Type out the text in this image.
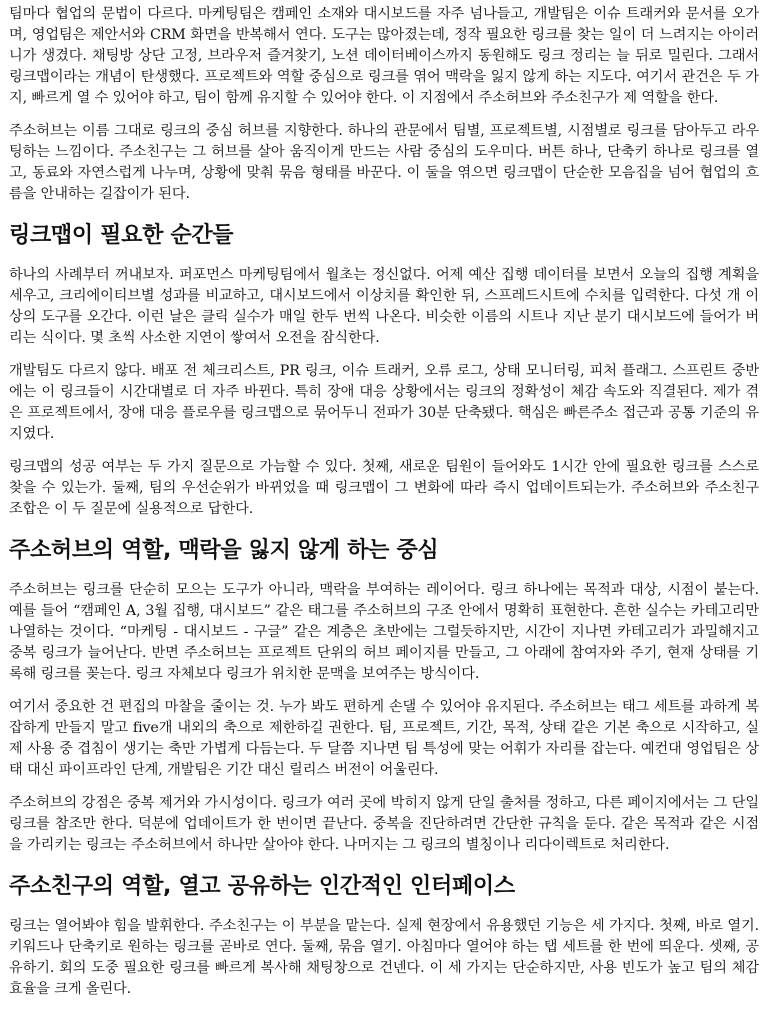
팀마다 협업의 문법이 다르다. 마케팅팀은 캠페인 소재와 대시보드를 자주 넘나들고, 개발팀은 이슈 트래커와 문서를 오가며, 영업팀은 제안서와 CRM 화면을 반복해서 연다. 도구는 많아졌는데, 정작 필요한 링크를 찾는 일이 더 느려지는 아이러니가 생겼다. 채팅방 상단 고정, 브라우저 즐겨찾기, 노션 데이터베이스까지 동원해도 링크 정리는 늘 뒤로 밀린다. 그래서 링크맵이라는 개념이 탄생했다. 프로젝트와 역할 중심으로 링크를 엮어 맥락을 잃지 않게 하는 지도다. 여기서 관건은 두 가지, 빠르게 열 수 있어야 하고, 팀이 함께 유지할 수 있어야 한다. 이 지점에서 주소허브와 주소친구가 제 역할을 한다.

주소허브는 이름 그대로 링크의 중심 허브를 지향한다. 하나의 관문에서 팀별, 프로젝트별, 시점별로 링크를 담아두고 라우팅하는 느낌이다. 주소친구는 그 허브를 살아 움직이게 만드는 사람 중심의 도우미다. 버튼 하나, 단축키 하나로 링크를 열고, 동료와 자연스럽게 나누며, 상황에 맞춰 묶음 형태를 바꾼다. 이 둘을 엮으면 링크맵이 단순한 모음집을 넘어 협업의 흐름을 안내하는 길잡이가 된다.

링크맵이 필요한 순간들

하나의 사례부터 꺼내보자. 퍼포먼스 마케팅팀에서 월초는 정신없다. 어제 예산 집행 데이터를 보면서 오늘의 집행 계획을 세우고, 크리에이티브별 성과를 비교하고, 대시보드에서 이상치를 확인한 뒤, 스프레드시트에 수치를 입력한다. 다섯 개 이상의 도구를 오간다. 이런 날은 클릭 실수가 매일 한두 번씩 나온다. 비슷한 이름의 시트나 지난 분기 대시보드에 들어가 버리는 식이다. 몇 초씩 사소한 지연이 쌓여서 오전을 잠식한다.

개발팀도 다르지 않다. 배포 전 체크리스트, PR 링크, 이슈 트래커, 오류 로그, 상태 모니터링, 피처 플래그. 스프린트 중반에는 이 링크들이 시간대별로 더 자주 바뀐다. 특히 장애 대응 상황에서는 링크의 정확성이 체감 속도와 직결된다. 제가 겪은 프로젝트에서, 장애 대응 플로우를 링크맵으로 묶어두니 전파가 30분 단축됐다. 핵심은 빠른주소 접근과 공통 기준의 유지였다.

링크맵의 성공 여부는 두 가지 질문으로 가늠할 수 있다. 첫째, 새로운 팀원이 들어와도 1시간 안에 필요한 링크를 스스로 찾을 수 있는가. 둘째, 팀의 우선순위가 바뀌었을 때 링크맵이 그 변화에 따라 즉시 업데이트되는가. 주소허브와 주소친구 조합은 이 두 질문에 실용적으로 답한다.

주소허브의 역할, 맥락을 잃지 않게 하는 중심

주소허브는 링크를 단순히 모으는 도구가 아니라, 맥락을 부여하는 레이어다. 링크 하나에는 목적과 대상, 시점이 붙는다. 예를 들어 “캠페인 A, 3월 집행, 대시보드” 같은 태그를 주소허브의 구조 안에서 명확히 표현한다. 흔한 실수는 카테고리만 나열하는 것이다. “마케팅 - 대시보드 - 구글” 같은 계층은 초반에는 그럴듯하지만, 시간이 지나면 카테고리가 과밀해지고 중복 링크가 늘어난다. 반면 주소허브는 프로젝트 단위의 허브 페이지를 만들고, 그 아래에 참여자와 주기, 현재 상태를 기록해 링크를 꽂는다. 링크 자체보다 링크가 위치한 문맥을 보여주는 방식이다.

여기서 중요한 건 편집의 마찰을 줄이는 것. 누가 봐도 편하게 손댈 수 있어야 유지된다. 주소허브는 태그 세트를 과하게 복잡하게 만들지 말고 five개 내외의 축으로 제한하길 권한다. 팀, 프로젝트, 기간, 목적, 상태 같은 기본 축으로 시작하고, 실제 사용 중 겹침이 생기는 축만 가볍게 다듬는다. 두 달쯤 지나면 팀 특성에 맞는 어휘가 자리를 잡는다. 예컨대 영업팀은 상태 대신 파이프라인 단계, 개발팀은 기간 대신 릴리스 버전이 어울린다.

주소허브의 강점은 중복 제거와 가시성이다. 링크가 여러 곳에 박히지 않게 단일 출처를 정하고, 다른 페이지에서는 그 단일 링크를 참조만 한다. 덕분에 업데이트가 한 번이면 끝난다. 중복을 진단하려면 간단한 규칙을 둔다. 같은 목적과 같은 시점을 가리키는 링크는 주소허브에서 하나만 살아야 한다. 나머지는 그 링크의 별칭이나 리다이렉트로 처리한다.

주소친구의 역할, 열고 공유하는 인간적인 인터페이스

링크는 열어봐야 힘을 발휘한다. 주소친구는 이 부분을 맡는다. 실제 현장에서 유용했던 기능은 세 가지다. 첫째, 바로 열기. 키워드나 단축키로 원하는 링크를 곧바로 연다. 둘째, 묶음 열기. 아침마다 열어야 하는 탭 세트를 한 번에 띄운다. 셋째, 공유하기. 회의 도중 필요한 링크를 빠르게 복사해 채팅창으로 건넨다. 이 세 가지는 단순하지만, 사용 빈도가 높고 팀의 체감 효율을 크게 올린다.
